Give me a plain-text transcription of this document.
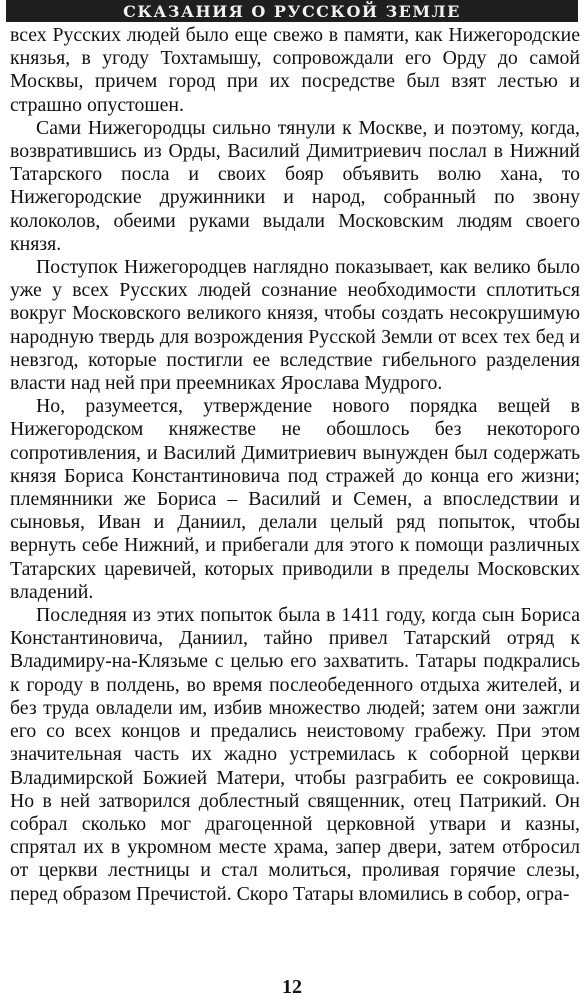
СКАЗАНИЯ О РУССКОЙ ЗЕМЛЕ

всех Русских людей было еще свежо в памяти, как Нижегородские князья, в угоду Тохтамышу, сопровождали его Орду до самой Москвы, причем город при их посредстве был взят лестью и страшно опустошен.

Сами Нижегородцы сильно тянули к Москве, и поэтому, когда, возвратившись из Орды, Василий Димитриевич послал в Нижний Татарского посла и своих бояр объявить волю хана, то Нижегородские дружинники и народ, собранный по звону колоколов, обеими руками выдали Московским людям своего князя.

Поступок Нижегородцев наглядно показывает, как велико было уже у всех Русских людей сознание необходимости сплотиться вокруг Московского великого князя, чтобы создать несокрушимую народную твердь для возрождения Русской Земли от всех тех бед и невзгод, которые постигли ее вследствие гибельного разделения власти над ней при преемниках Ярослава Мудрого.

Но, разумеется, утверждение нового порядка вещей в Нижегородском княжестве не обошлось без некоторого сопротивления, и Василий Димитриевич вынужден был содержать князя Бориса Константиновича под стражей до конца его жизни; племянники же Бориса – Василий и Семен, а впоследствии и сыновья, Иван и Даниил, делали целый ряд попыток, чтобы вернуть себе Нижний, и прибегали для этого к помощи различных Татарских царевичей, которых приводили в пределы Московских владений.

Последняя из этих попыток была в 1411 году, когда сын Бориса Константиновича, Даниил, тайно привел Татарский отряд к Владимиру-на-Клязьме с целью его захватить. Татары подкрались к городу в полдень, во время послеобеденного отдыха жителей, и без труда овладели им, избив множество людей; затем они зажгли его со всех концов и предались неистовому грабежу. При этом значительная часть их жадно устремилась к соборной церкви Владимирской Божией Матери, чтобы разграбить ее сокровища. Но в ней затворился доблестный священник, отец Патрикий. Он собрал сколько мог драгоценной церковной утвари и казны, спрятал их в укромном месте храма, запер двери, затем отбросил от церкви лестницы и стал молиться, проливая горячие слезы, перед образом Пречистой. Скоро Татары вломились в собор, огра-

12
